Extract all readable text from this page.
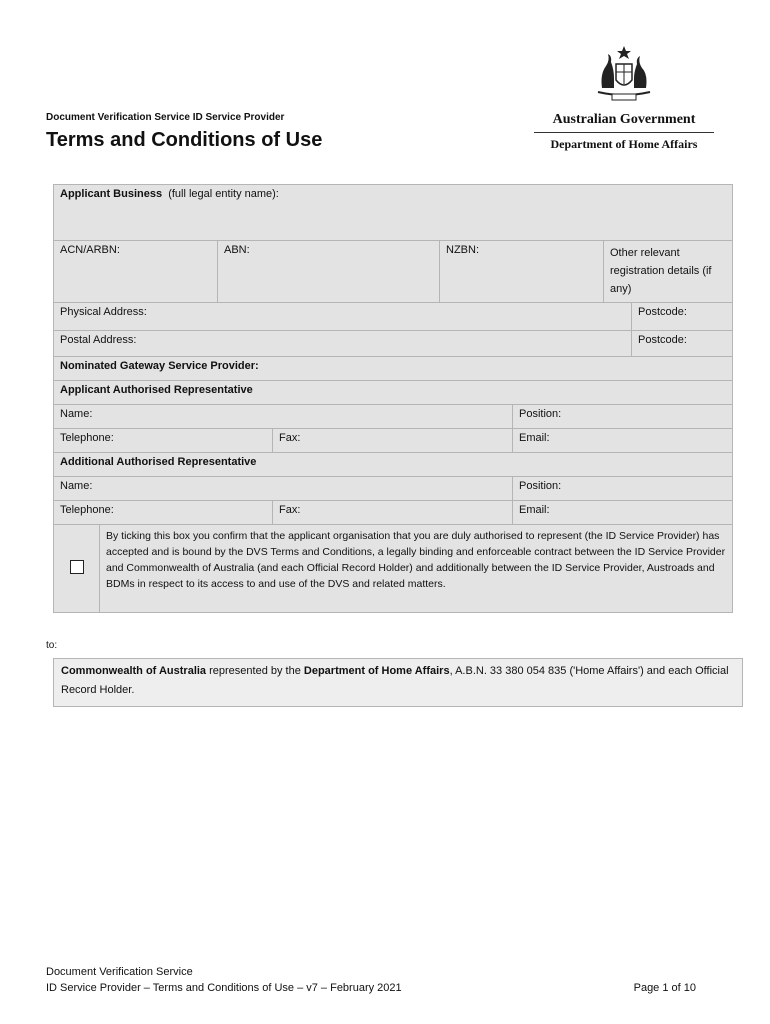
Document Verification Service ID Service Provider

Terms and Conditions of Use
Australian Government
Department of Home Affairs
Applicant Business (full legal entity name):							
ACN/ARBN:		ABN:		NZBN:		Other relevant registration details (if any)	
Physical Address:							Postcode:
Postal Address:							Postcode:
Nominated Gateway Service Provider:							
Applicant Authorised Representative							
Name:					Position:		
Telephone:			Fax:		Email:		
Additional Authorised Representative							
Name:					Position:		
Telephone:			Fax:		Email:		
	By ticking this box you confirm that the applicant organisation that you are duly authorised to represent (the ID Service Provider) has accepted and is bound by the DVS Terms and Conditions, a legally binding and enforceable contract between the ID Service Provider and Commonwealth of Australia (and each Official Record Holder) and additionally between the ID Service Provider, Austroads and BDMs in respect to its access to and use of the DVS and related matters.						
to:
Commonwealth of Australia represented by the Department of Home Affairs, A.B.N. 33 380 054 835 ('Home Affairs') and each Official Record Holder.
Document Verification Service
ID Service Provider – Terms and Conditions of Use – v7 – February 2021	Page 1 of 10
